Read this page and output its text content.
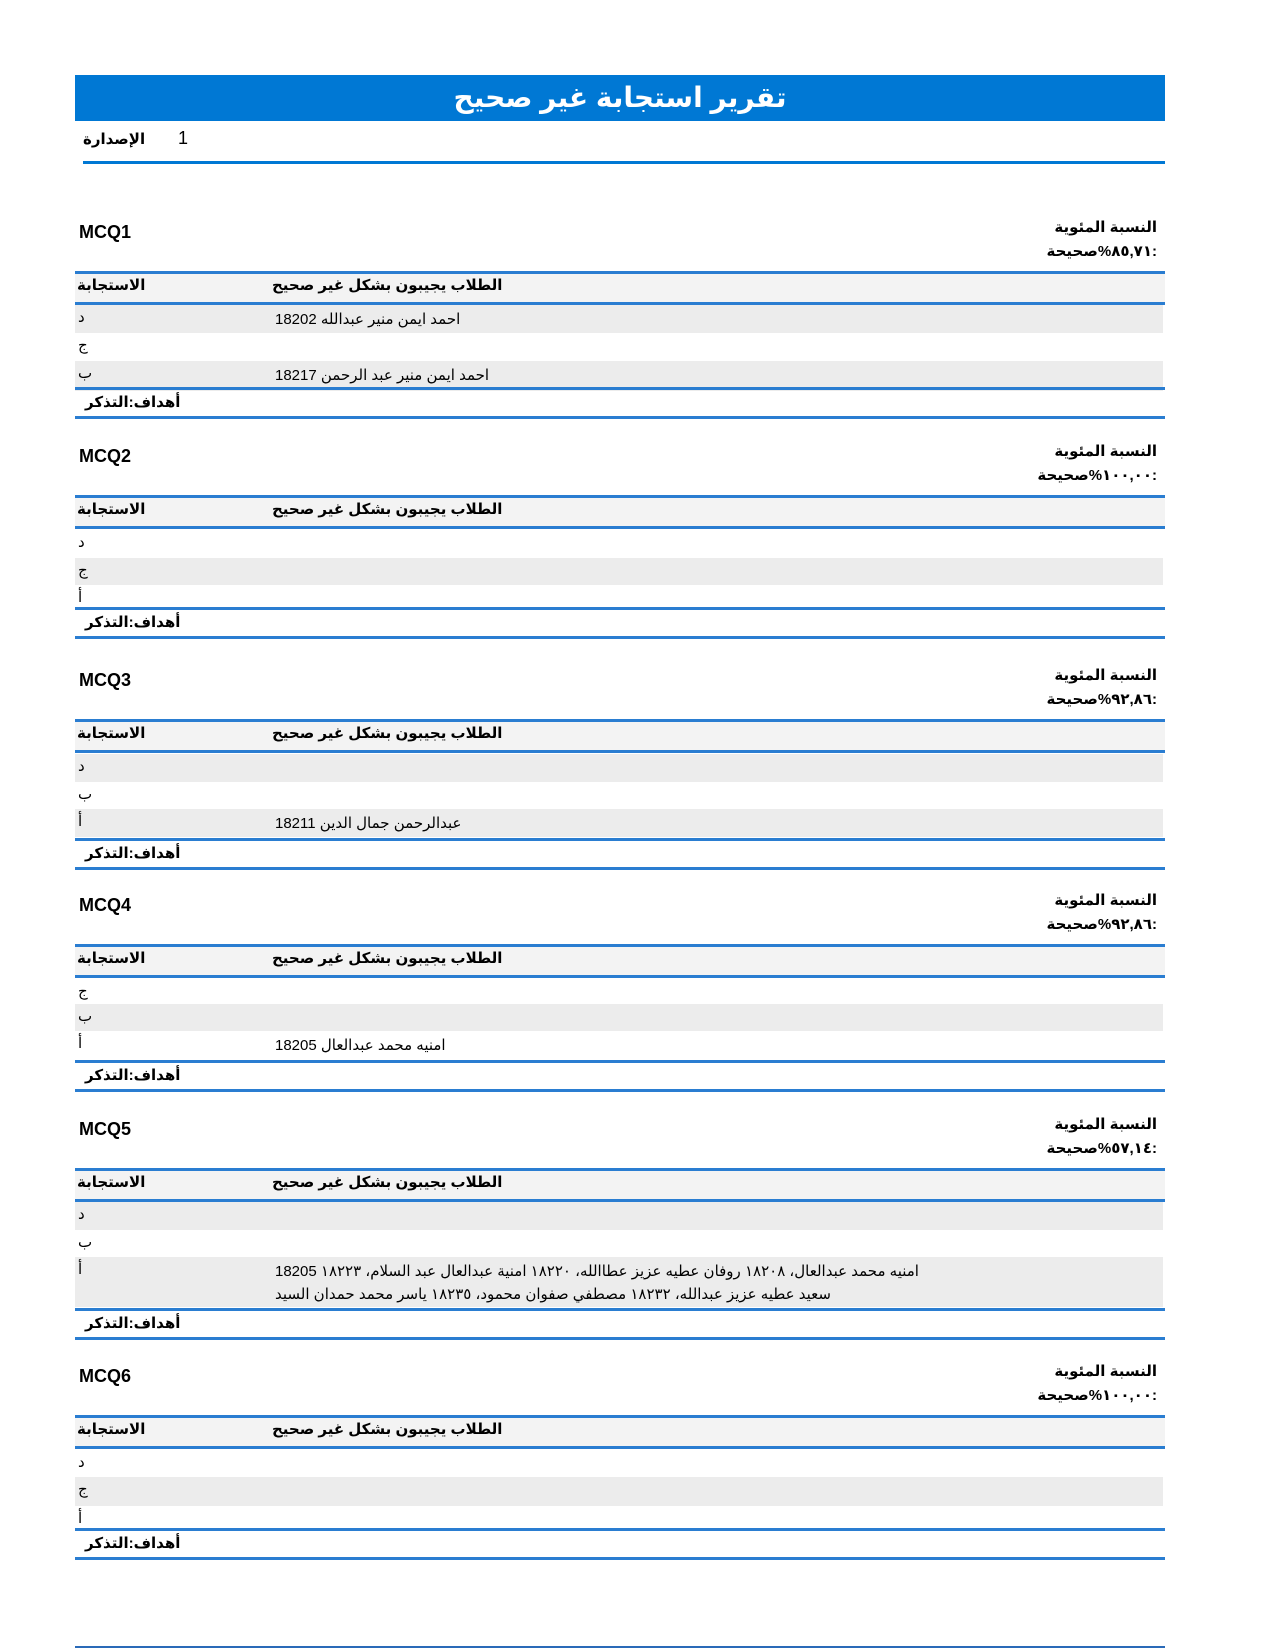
تقرير استجابة غير صحيح
الإصدارة 1
MCQ1	النسبة المئوية
٨٥,٧١%صحيحة:
الاستجابة	الطلاب يجيبون بشكل غير صحيح
د	احمد ايمن منير عبدالله 18202
ج
ب	احمد ايمن منير عبد الرحمن 18217
أهداف:التذكر
MCQ2	النسبة المئوية
١٠٠,٠٠%صحيحة:
الاستجابة	الطلاب يجيبون بشكل غير صحيح
د
ج
أ
أهداف:التذكر
MCQ3	النسبة المئوية
٩٢,٨٦%صحيحة:
الاستجابة	الطلاب يجيبون بشكل غير صحيح
د
ب
أ	عبدالرحمن جمال الدين 18211
أهداف:التذكر
MCQ4	النسبة المئوية
٩٢,٨٦%صحيحة:
الاستجابة	الطلاب يجيبون بشكل غير صحيح
ج
ب
أ	امنيه محمد عبدالعال 18205
أهداف:التذكر
MCQ5	النسبة المئوية
٥٧,١٤%صحيحة:
الاستجابة	الطلاب يجيبون بشكل غير صحيح
د
ب
أ	امنيه محمد عبدالعال، ١٨٢٠٨ روفان عطيه عزيز عطاالله، ١٨٢٢٠ امنية عبدالعال عبد السلام، ١٨٢٢٣ 18205
سعيد عطيه عزيز عبدالله، ١٨٢٣٢ مصطفي صفوان محمود، ١٨٢٣٥ ياسر محمد حمدان السيد
أهداف:التذكر
MCQ6	النسبة المئوية
١٠٠,٠٠%صحيحة:
الاستجابة	الطلاب يجيبون بشكل غير صحيح
د
ج
أ
أهداف:التذكر
